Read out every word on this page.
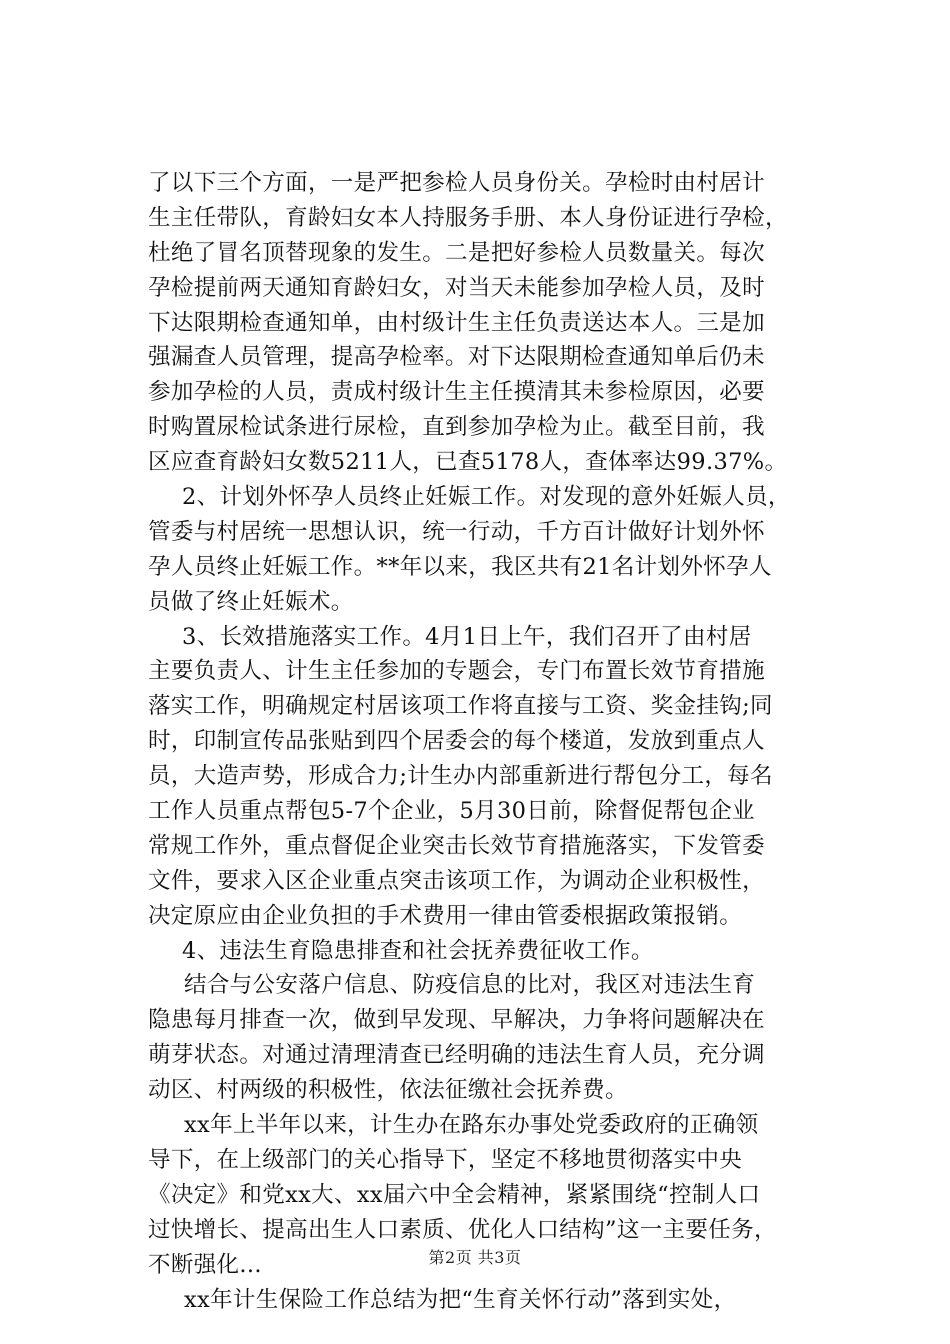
了以下三个方面，一是严把参检人员身份关。孕检时由村居计
生主任带队，育龄妇女本人持服务手册、本人身份证进行孕检，
杜绝了冒名顶替现象的发生。二是把好参检人员数量关。每次
孕检提前两天通知育龄妇女，对当天未能参加孕检人员，及时
下达限期检查通知单，由村级计生主任负责送达本人。三是加
强漏查人员管理，提高孕检率。对下达限期检查通知单后仍未
参加孕检的人员，责成村级计生主任摸清其未参检原因，必要
时购置尿检试条进行尿检，直到参加孕检为止。截至目前，我
区应查育龄妇女数5211人，已查5178人，查体率达99.37%。
2、计划外怀孕人员终止妊娠工作。对发现的意外妊娠人员，
管委与村居统一思想认识，统一行动，千方百计做好计划外怀
孕人员终止妊娠工作。**年以来，我区共有21名计划外怀孕人
员做了终止妊娠术。
3、长效措施落实工作。4月1日上午，我们召开了由村居
主要负责人、计生主任参加的专题会，专门布置长效节育措施
落实工作，明确规定村居该项工作将直接与工资、奖金挂钩;同
时，印制宣传品张贴到四个居委会的每个楼道，发放到重点人
员，大造声势，形成合力;计生办内部重新进行帮包分工，每名
工作人员重点帮包5-7个企业，5月30日前，除督促帮包企业
常规工作外，重点督促企业突击长效节育措施落实，下发管委
文件，要求入区企业重点突击该项工作，为调动企业积极性，
决定原应由企业负担的手术费用一律由管委根据政策报销。
4、违法生育隐患排查和社会抚养费征收工作。
结合与公安落户信息、防疫信息的比对，我区对违法生育
隐患每月排查一次，做到早发现、早解决，力争将问题解决在
萌芽状态。对通过清理清查已经明确的违法生育人员，充分调
动区、村两级的积极性，依法征缴社会抚养费。
xx年上半年以来，计生办在路东办事处党委政府的正确领
导下，在上级部门的关心指导下，坚定不移地贯彻落实中央
《决定》和党xx大、xx届六中全会精神，紧紧围绕“控制人口
过快增长、提高出生人口素质、优化人口结构”这一主要任务，
不断强化...
xx年计生保险工作总结为把“生育关怀行动”落到实处，
第2页 共3页
